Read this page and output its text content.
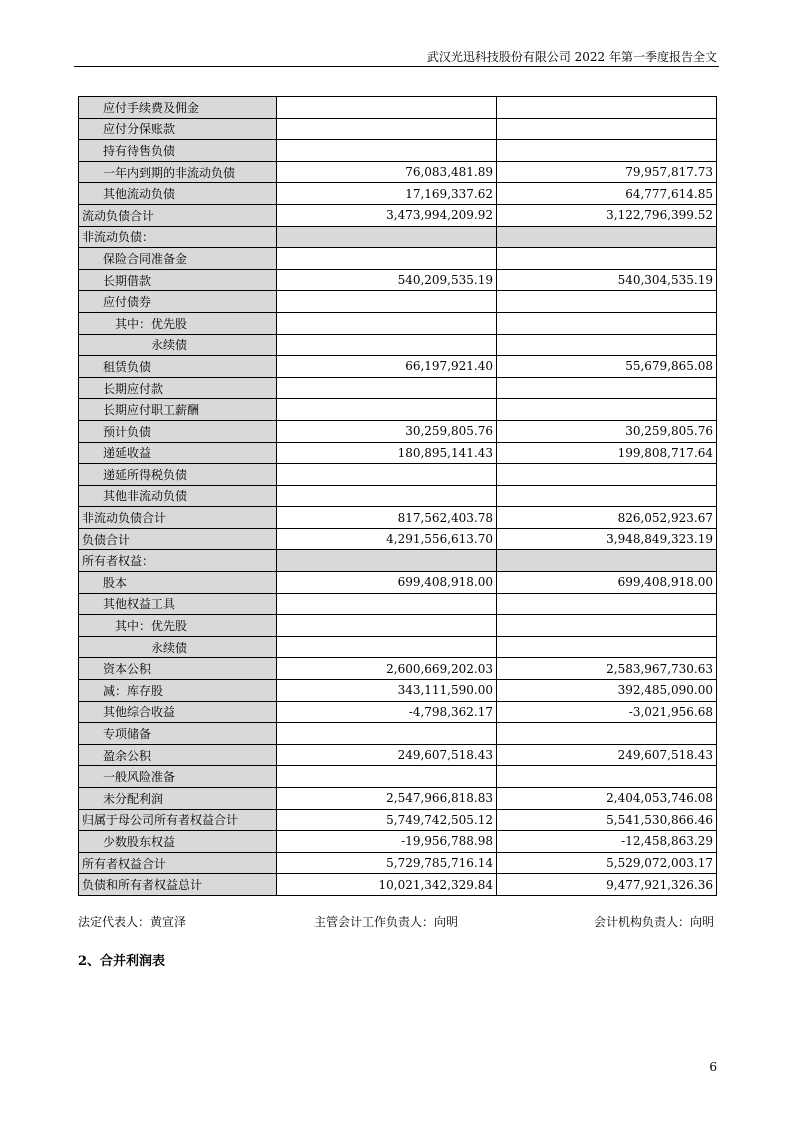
武汉光迅科技股份有限公司 2022 年第一季度报告全文
应付手续费及佣金		
应付分保账款		
持有待售负债		
一年内到期的非流动负债	76,083,481.89	79,957,817.73
其他流动负债	17,169,337.62	64,777,614.85
流动负债合计	3,473,994,209.92	3,122,796,399.52
非流动负债：		
保险合同准备金		
长期借款	540,209,535.19	540,304,535.19
应付债券		
其中：优先股		
永续债		
租赁负债	66,197,921.40	55,679,865.08
长期应付款		
长期应付职工薪酬		
预计负债	30,259,805.76	30,259,805.76
递延收益	180,895,141.43	199,808,717.64
递延所得税负债		
其他非流动负债		
非流动负债合计	817,562,403.78	826,052,923.67
负债合计	4,291,556,613.70	3,948,849,323.19
所有者权益：		
股本	699,408,918.00	699,408,918.00
其他权益工具		
其中：优先股		
永续债		
资本公积	2,600,669,202.03	2,583,967,730.63
减：库存股	343,111,590.00	392,485,090.00
其他综合收益	-4,798,362.17	-3,021,956.68
专项储备		
盈余公积	249,607,518.43	249,607,518.43
一般风险准备		
未分配利润	2,547,966,818.83	2,404,053,746.08
归属于母公司所有者权益合计	5,749,742,505.12	5,541,530,866.46
少数股东权益	-19,956,788.98	-12,458,863.29
所有者权益合计	5,729,785,716.14	5,529,072,003.17
负债和所有者权益总计	10,021,342,329.84	9,477,921,326.36
法定代表人：黄宣泽	主管会计工作负责人：向明	会计机构负责人：向明
2、合并利润表
6
